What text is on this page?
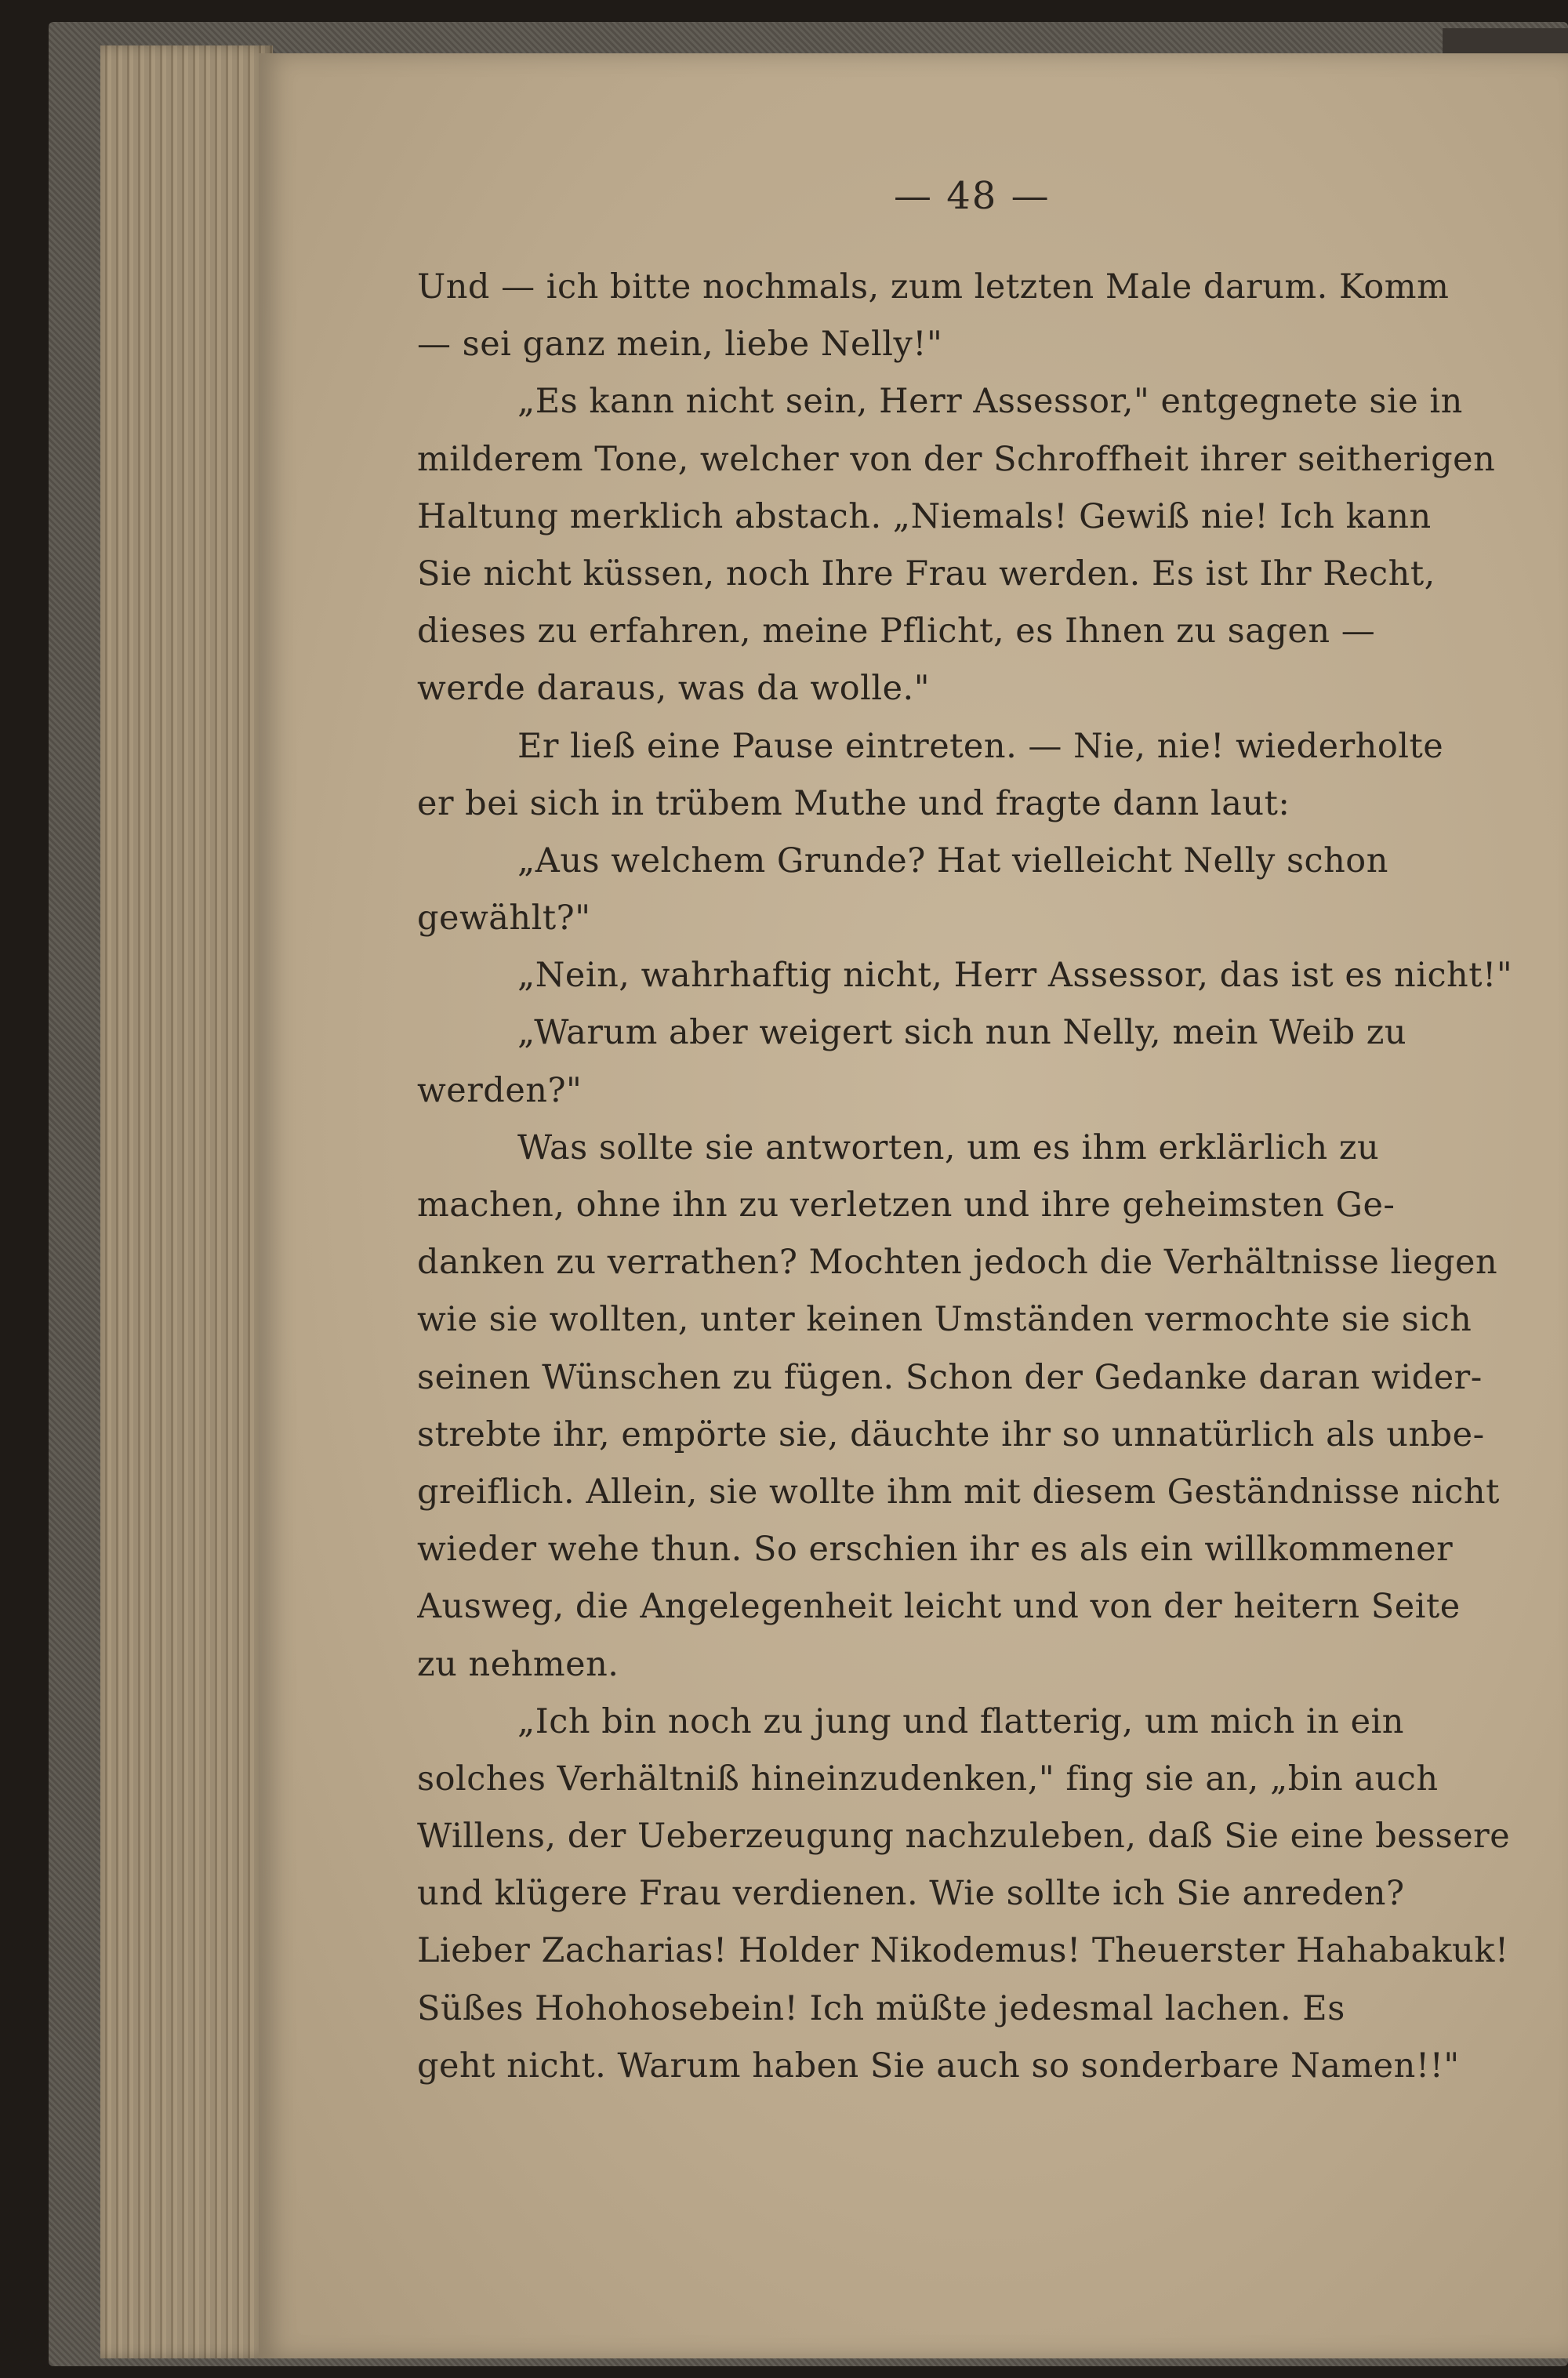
— 48 —
Und — ich bitte nochmals, zum letzten Male darum. Komm
— sei ganz mein, liebe Nelly!"
„Es kann nicht sein, Herr Assessor," entgegnete sie in
milderem Tone, welcher von der Schroffheit ihrer seitherigen
Haltung merklich abstach. „Niemals! Gewiß nie! Ich kann
Sie nicht küssen, noch Ihre Frau werden. Es ist Ihr Recht,
dieses zu erfahren, meine Pflicht, es Ihnen zu sagen —
werde daraus, was da wolle."
Er ließ eine Pause eintreten. — Nie, nie! wiederholte
er bei sich in trübem Muthe und fragte dann laut:
„Aus welchem Grunde? Hat vielleicht Nelly schon
gewählt?"
„Nein, wahrhaftig nicht, Herr Assessor, das ist es nicht!"
„Warum aber weigert sich nun Nelly, mein Weib zu
werden?"
Was sollte sie antworten, um es ihm erklärlich zu
machen, ohne ihn zu verletzen und ihre geheimsten Ge-
danken zu verrathen? Mochten jedoch die Verhältnisse liegen
wie sie wollten, unter keinen Umständen vermochte sie sich
seinen Wünschen zu fügen. Schon der Gedanke daran wider-
strebte ihr, empörte sie, däuchte ihr so unnatürlich als unbe-
greiflich. Allein, sie wollte ihm mit diesem Geständnisse nicht
wieder wehe thun. So erschien ihr es als ein willkommener
Ausweg, die Angelegenheit leicht und von der heitern Seite
zu nehmen.
„Ich bin noch zu jung und flatterig, um mich in ein
solches Verhältniß hineinzudenken," fing sie an, „bin auch
Willens, der Ueberzeugung nachzuleben, daß Sie eine bessere
und klügere Frau verdienen. Wie sollte ich Sie anreden?
Lieber Zacharias! Holder Nikodemus! Theuerster Hahabakuk!
Süßes Hohohosebein! Ich müßte jedesmal lachen. Es
geht nicht. Warum haben Sie auch so sonderbare Namen!!"
